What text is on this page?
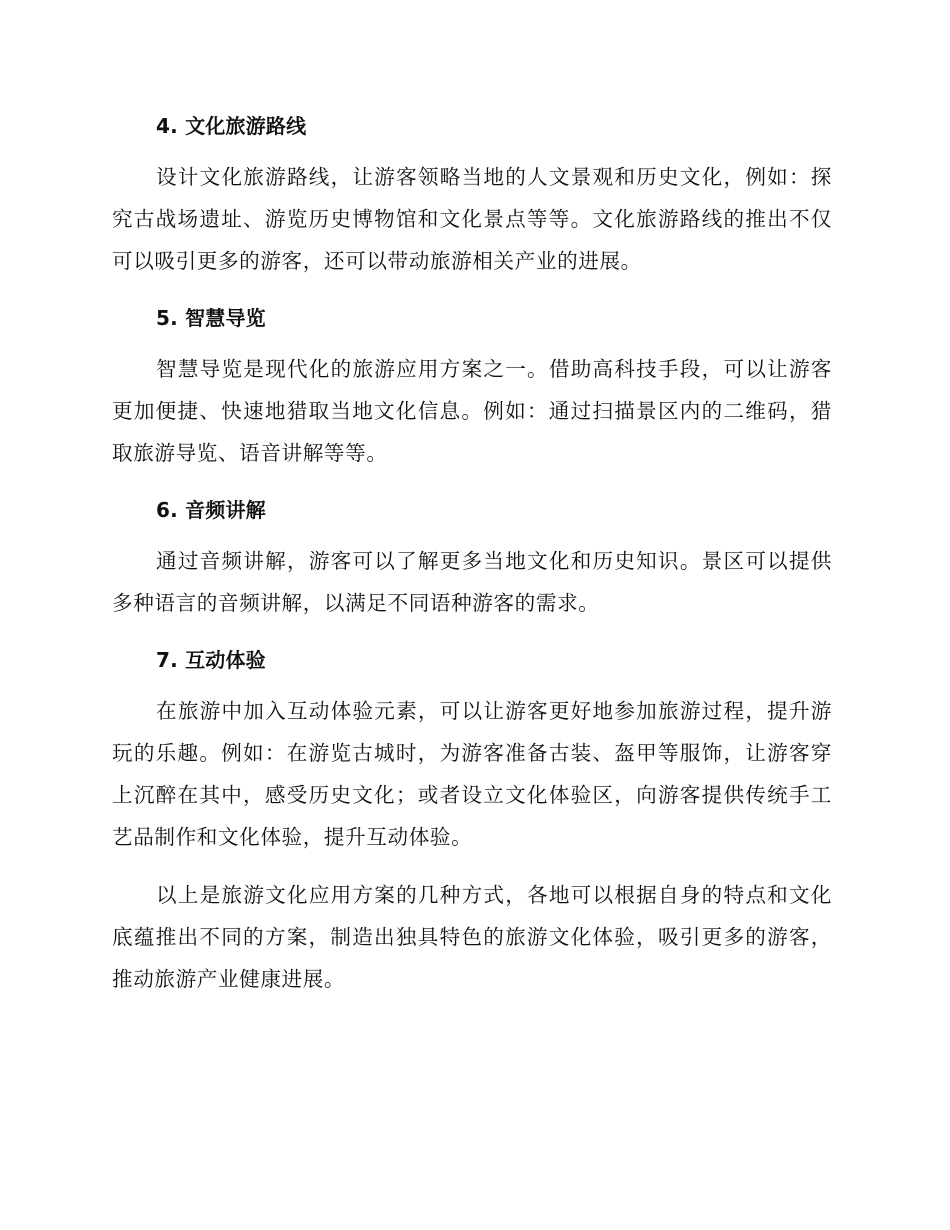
4. 文化旅游路线

设计文化旅游路线，让游客领略当地的人文景观和历史文化，例如：探究古战场遗址、游览历史博物馆和文化景点等等。文化旅游路线的推出不仅可以吸引更多的游客，还可以带动旅游相关产业的进展。

5. 智慧导览

智慧导览是现代化的旅游应用方案之一。借助高科技手段，可以让游客更加便捷、快速地猎取当地文化信息。例如：通过扫描景区内的二维码，猎取旅游导览、语音讲解等等。

6. 音频讲解

通过音频讲解，游客可以了解更多当地文化和历史知识。景区可以提供多种语言的音频讲解，以满足不同语种游客的需求。

7. 互动体验

在旅游中加入互动体验元素，可以让游客更好地参加旅游过程，提升游玩的乐趣。例如：在游览古城时，为游客准备古装、盔甲等服饰，让游客穿上沉醉在其中，感受历史文化；或者设立文化体验区，向游客提供传统手工艺品制作和文化体验，提升互动体验。

以上是旅游文化应用方案的几种方式，各地可以根据自身的特点和文化底蕴推出不同的方案，制造出独具特色的旅游文化体验，吸引更多的游客，推动旅游产业健康进展。
